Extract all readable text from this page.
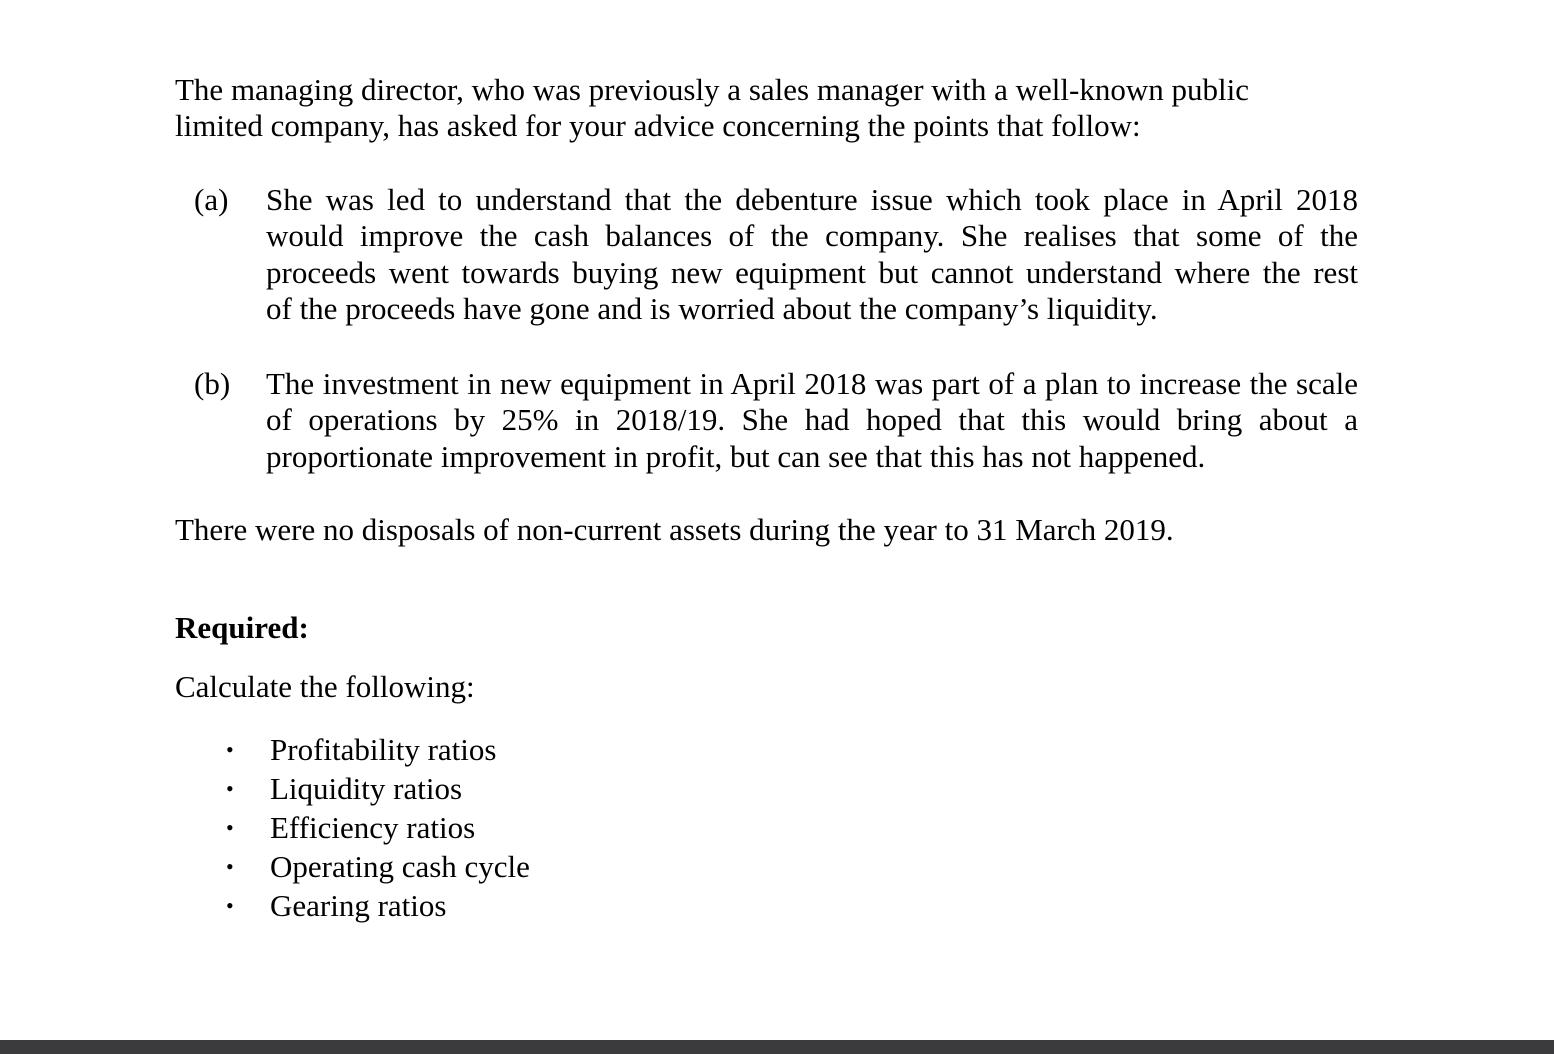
The managing director, who was previously a sales manager with a well-known public
limited company, has asked for your advice concerning the points that follow:
(a) She was led to understand that the debenture issue which took place in April 2018
would improve the cash balances of the company. She realises that some of the
proceeds went towards buying new equipment but cannot understand where the rest
of the proceeds have gone and is worried about the company’s liquidity.
(b) The investment in new equipment in April 2018 was part of a plan to increase the scale
of operations by 25% in 2018/19. She had hoped that this would bring about a
proportionate improvement in profit, but can see that this has not happened.
There were no disposals of non-current assets during the year to 31 March 2019.
Required:
Calculate the following:
• Profitability ratios
• Liquidity ratios
• Efficiency ratios
• Operating cash cycle
• Gearing ratios
